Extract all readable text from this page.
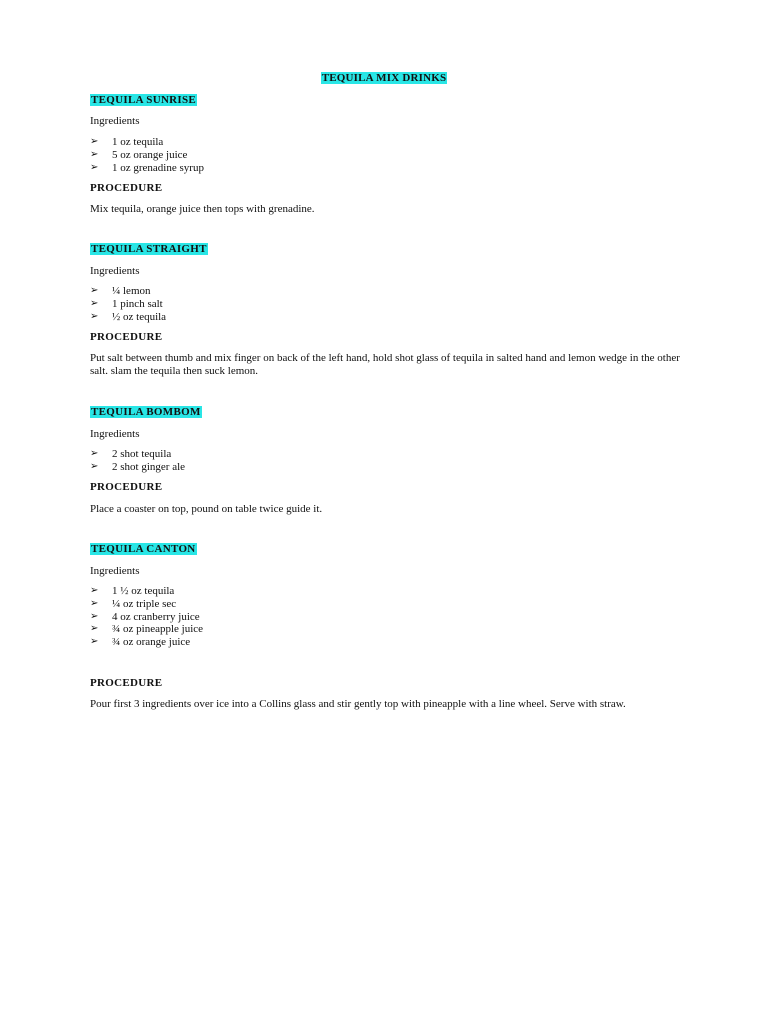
TEQUILA MIX DRINKS
TEQUILA SUNRISE
Ingredients
➢ 1 oz tequila
➢ 5 oz orange juice
➢ 1 oz grenadine syrup
PROCEDURE
Mix tequila, orange juice then tops with grenadine.
TEQUILA STRAIGHT
Ingredients
➢ ¼ lemon
➢ 1 pinch salt
➢ ½ oz tequila
PROCEDURE
Put salt between thumb and mix finger on back of the left hand, hold shot glass of tequila in salted hand and lemon wedge in the other salt. slam the tequila then suck lemon.
TEQUILA BOMBOM
Ingredients
➢ 2 shot tequila
➢ 2 shot ginger ale
PROCEDURE
Place a coaster on top, pound on table twice guide it.
TEQUILA CANTON
Ingredients
➢ 1 ½ oz tequila
➢ ¼ oz triple sec
➢ 4 oz cranberry juice
➢ ¾ oz pineapple juice
➢ ¾ oz orange juice
PROCEDURE
Pour first 3 ingredients over ice into a Collins glass and stir gently top with pineapple with a line wheel. Serve with straw.
